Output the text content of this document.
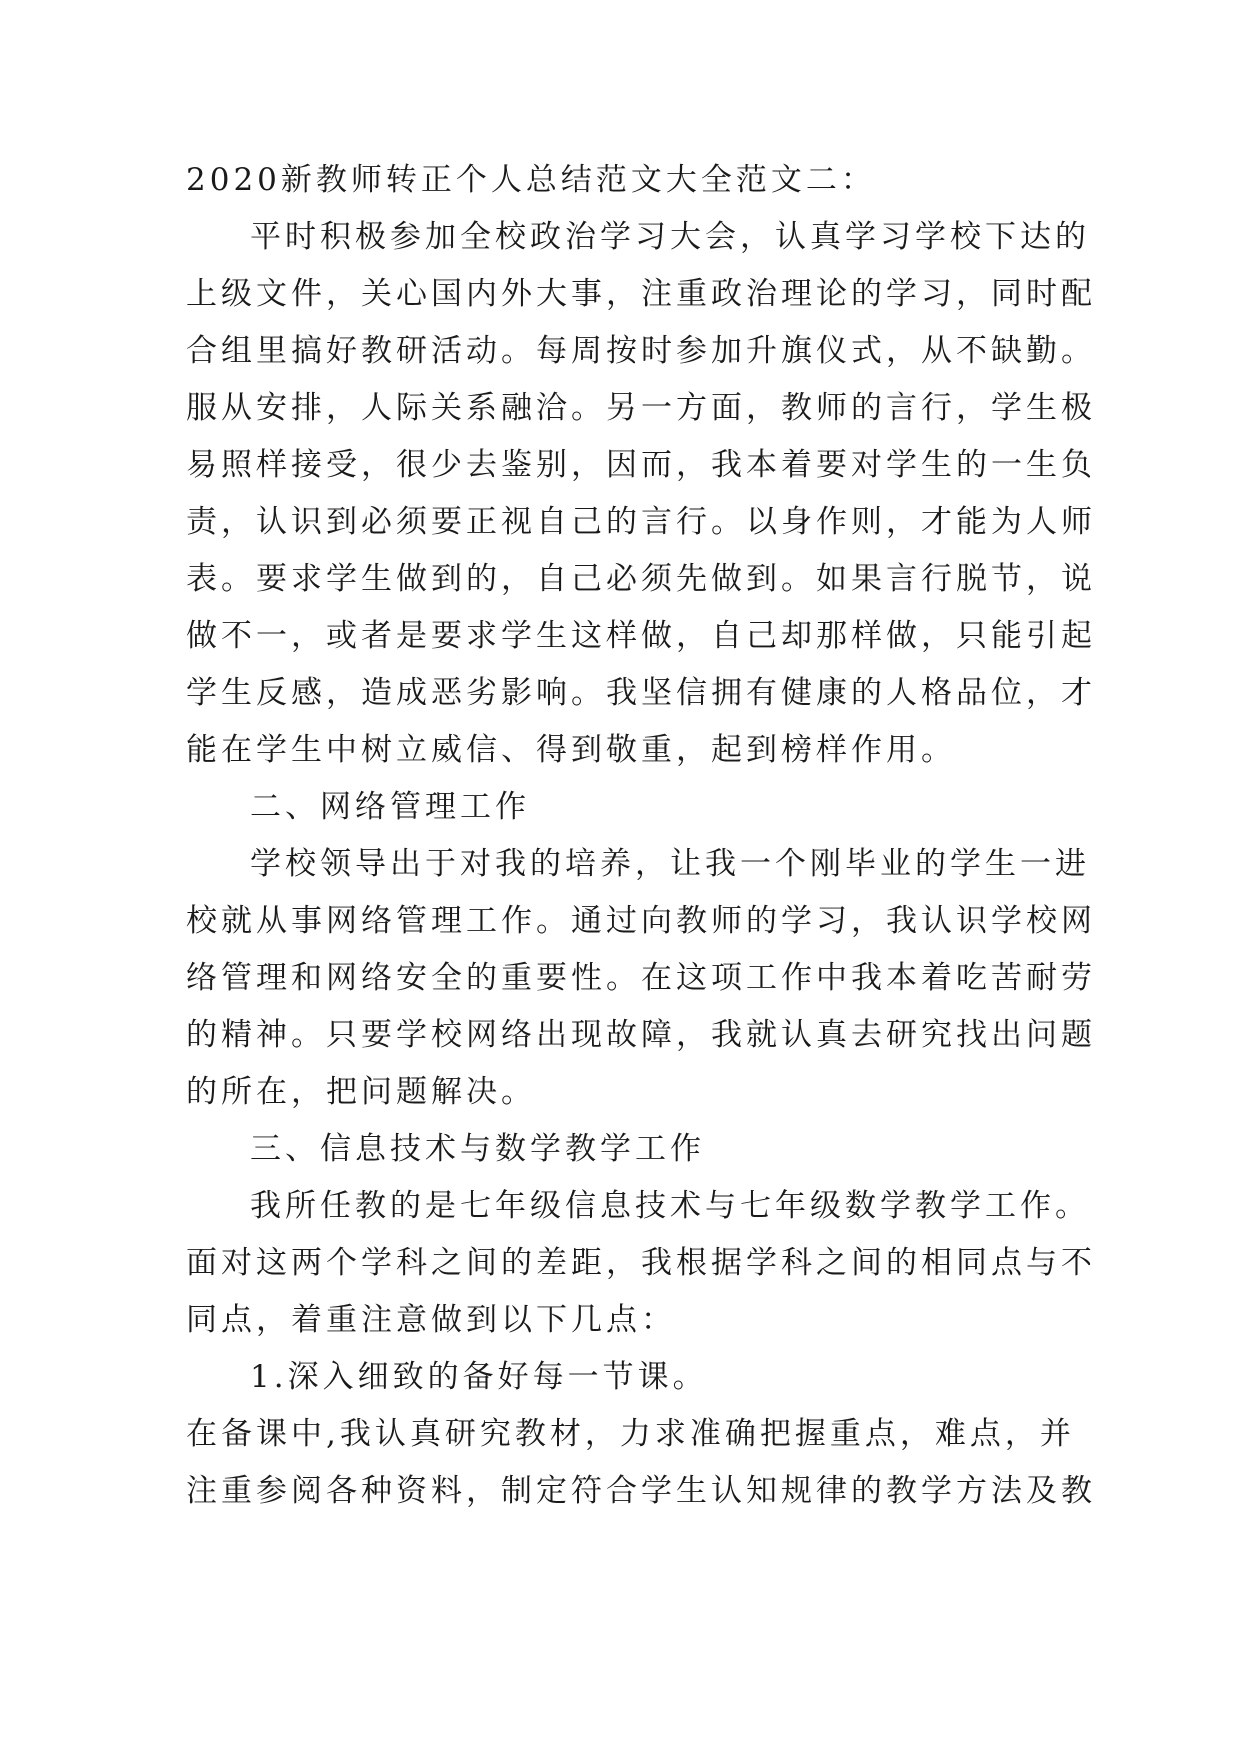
2020新教师转正个人总结范文大全范文二：
平时积极参加全校政治学习大会，认真学习学校下达的
上级文件，关心国内外大事，注重政治理论的学习，同时配
合组里搞好教研活动。每周按时参加升旗仪式，从不缺勤。
服从安排，人际关系融洽。另一方面，教师的言行，学生极
易照样接受，很少去鉴别，因而，我本着要对学生的一生负
责，认识到必须要正视自己的言行。以身作则，才能为人师
表。要求学生做到的，自己必须先做到。如果言行脱节，说
做不一，或者是要求学生这样做，自己却那样做，只能引起
学生反感，造成恶劣影响。我坚信拥有健康的人格品位，才
能在学生中树立威信、得到敬重，起到榜样作用。
二、网络管理工作
学校领导出于对我的培养，让我一个刚毕业的学生一进
校就从事网络管理工作。通过向教师的学习，我认识学校网
络管理和网络安全的重要性。在这项工作中我本着吃苦耐劳
的精神。只要学校网络出现故障，我就认真去研究找出问题
的所在，把问题解决。
三、信息技术与数学教学工作
我所任教的是七年级信息技术与七年级数学教学工作。
面对这两个学科之间的差距，我根据学科之间的相同点与不
同点，着重注意做到以下几点：
1.深入细致的备好每一节课。
在备课中,我认真研究教材，力求准确把握重点，难点，并
注重参阅各种资料，制定符合学生认知规律的教学方法及教
